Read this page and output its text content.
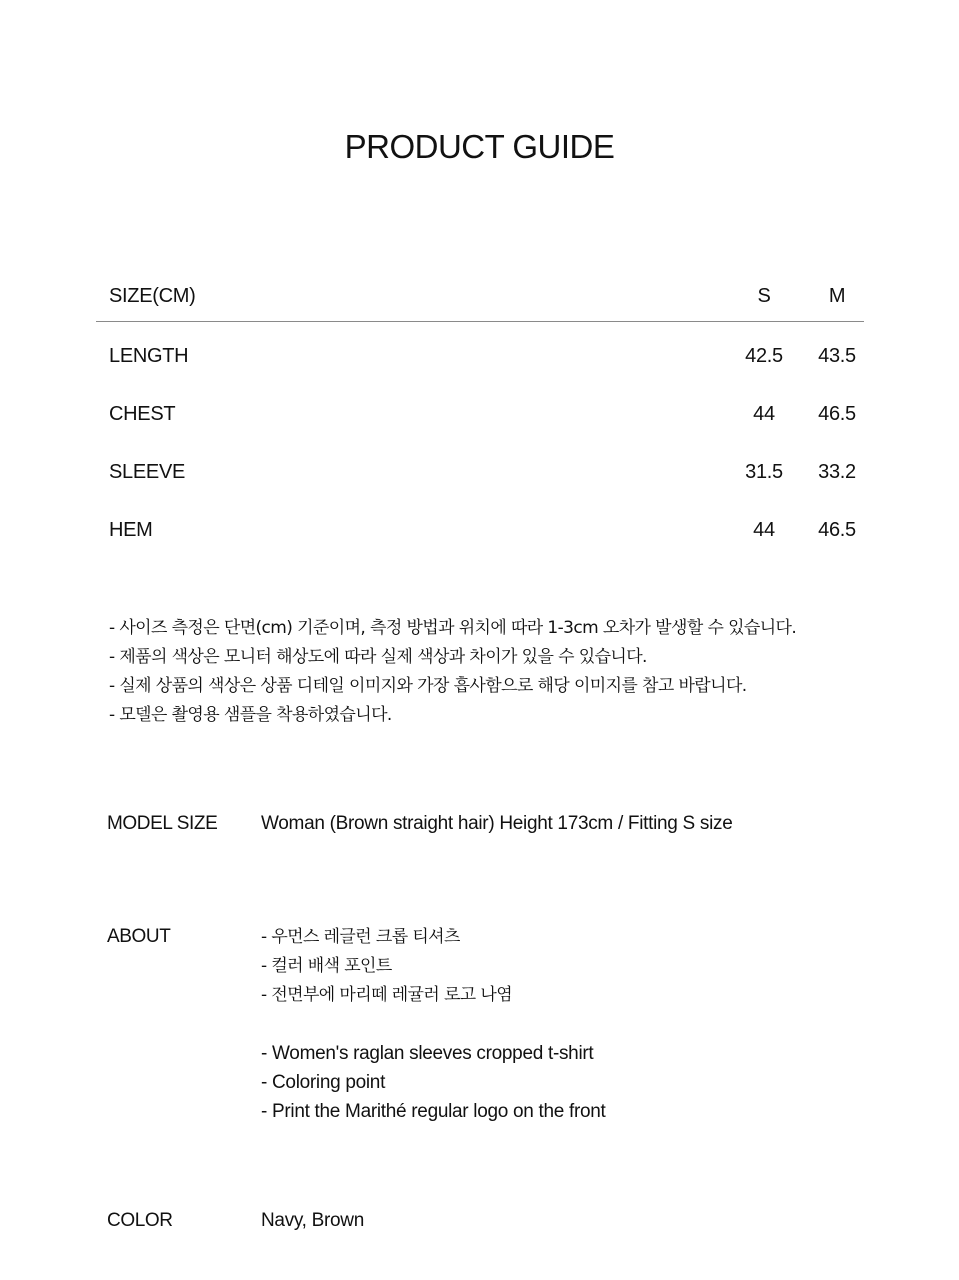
PRODUCT GUIDE
SIZE(CM)	S	M
LENGTH	42.5	43.5
CHEST	44	46.5
SLEEVE	31.5	33.2
HEM	44	46.5
- 사이즈 측정은 단면(cm) 기준이며, 측정 방법과 위치에 따라 1-3cm 오차가 발생할 수 있습니다.
- 제품의 색상은 모니터 해상도에 따라 실제 색상과 차이가 있을 수 있습니다.
- 실제 상품의 색상은 상품 디테일 이미지와 가장 흡사함으로 해당 이미지를 참고 바랍니다.
- 모델은 촬영용 샘플을 착용하였습니다.
MODEL SIZE Woman (Brown straight hair) Height 173cm / Fitting S size
ABOUT	- 우먼스 레글런 크롭 티셔츠
- 컬러 배색 포인트
- 전면부에 마리떼 레귤러 로고 나염
- Women's raglan sleeves cropped t-shirt
- Coloring point
- Print the Marithé regular logo on the front
COLOR	Navy, Brown
